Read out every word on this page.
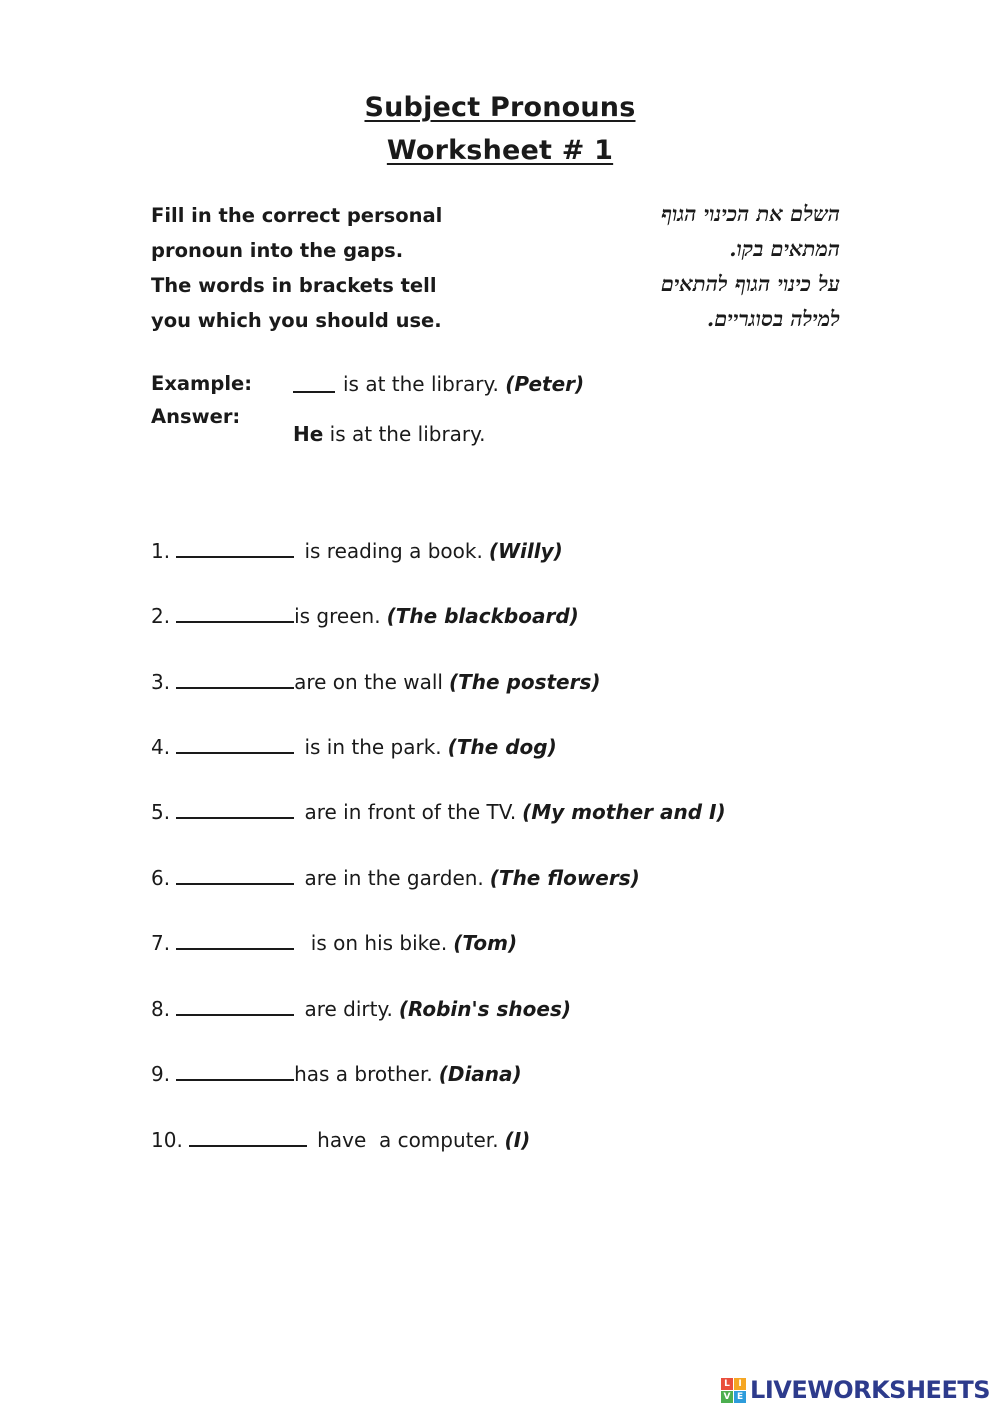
Subject Pronouns
Worksheet # 1
Fill in the correct personal
pronoun into the gaps.
The words in brackets tell
you which you should use.
השלם את הכינוי הגוף
המתאים בקו.
על כינוי הגוף להתאים
למילה בסוגריים.
Example:
Answer:
is at the library. (Peter)
He is at the library.
1.	is reading a book. (Willy)
2.	is green. (The blackboard)
3.	are on the wall (The posters)
4.	is in the park. (The dog)
5.	are in front of the TV. (My mother and I)
6.	are in the garden. (The flowers)
7.	is on his bike. (Tom)
8.	are dirty. (Robin's shoes)
9.	has a brother. (Diana)
10.	have  a computer. (I)
L I
V E LIVEWORKSHEETS
